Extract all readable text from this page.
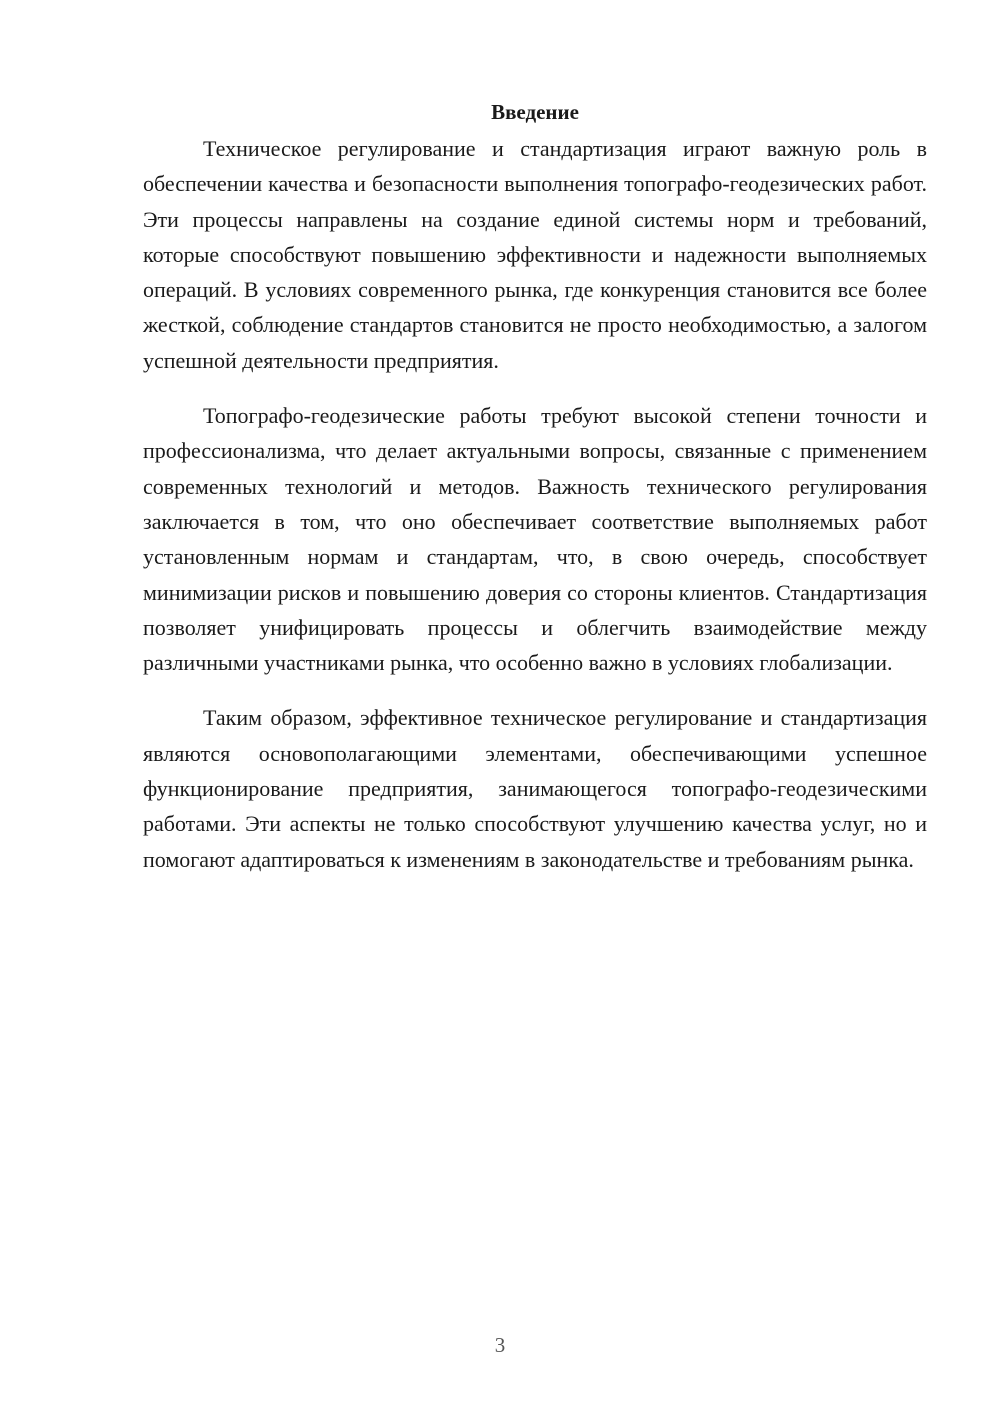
Введение

Техническое регулирование и стандартизация играют важную роль в обеспечении качества и безопасности выполнения топографо-геодезических работ. Эти процессы направлены на создание единой системы норм и требований, которые способствуют повышению эффективности и надежности выполняемых операций. В условиях современного рынка, где конкуренция становится все более жесткой, соблюдение стандартов становится не просто необходимостью, а залогом успешной деятельности предприятия.

Топографо-геодезические работы требуют высокой степени точности и профессионализма, что делает актуальными вопросы, связанные с применением современных технологий и методов. Важность технического регулирования заключается в том, что оно обеспечивает соответствие выполняемых работ установленным нормам и стандартам, что, в свою очередь, способствует минимизации рисков и повышению доверия со стороны клиентов. Стандартизация позволяет унифицировать процессы и облегчить взаимодействие между различными участниками рынка, что особенно важно в условиях глобализации.

Таким образом, эффективное техническое регулирование и стандартизация являются основополагающими элементами, обеспечивающими успешное функционирование предприятия, занимающегося топографо-геодезическими работами. Эти аспекты не только способствуют улучшению качества услуг, но и помогают адаптироваться к изменениям в законодательстве и требованиям рынка.

3
